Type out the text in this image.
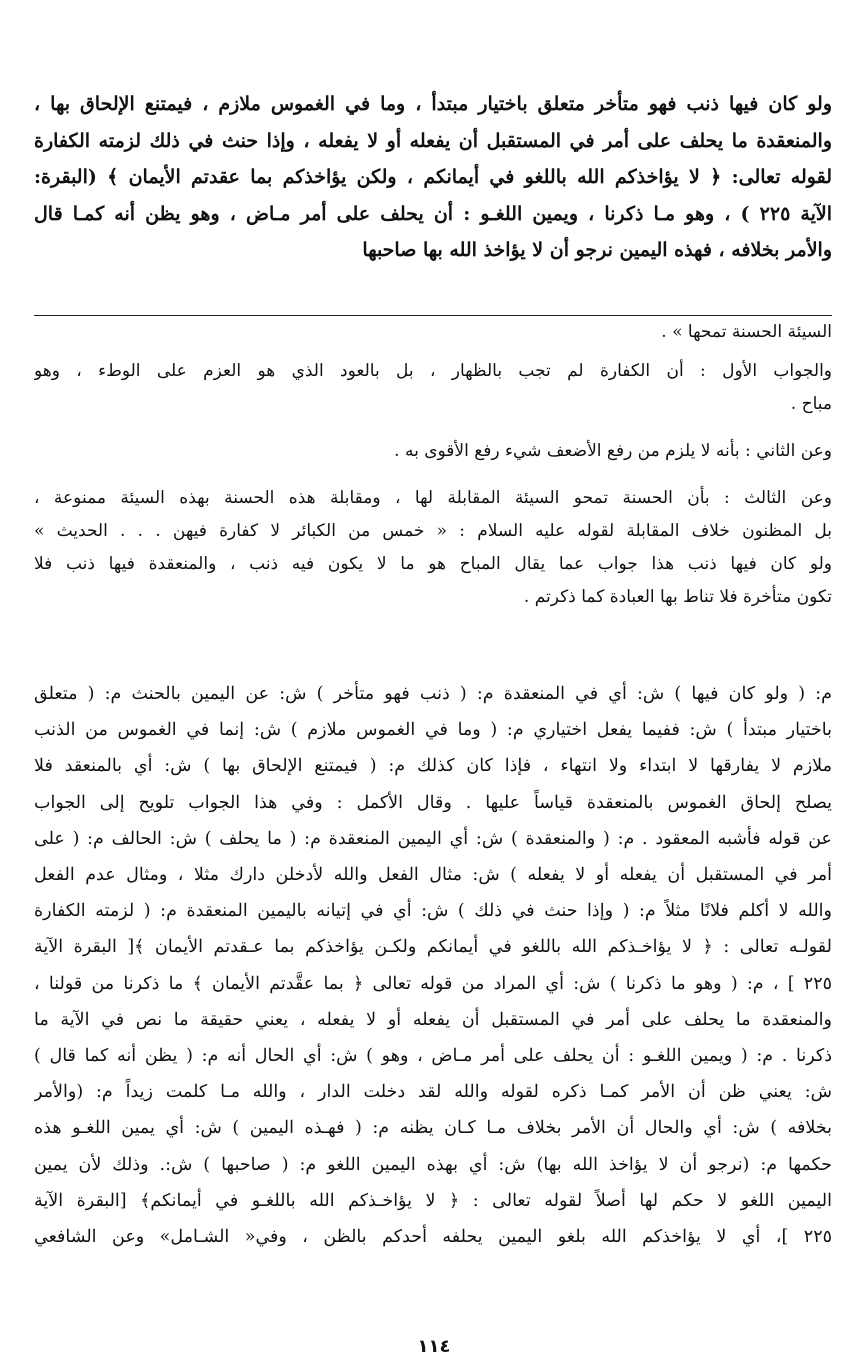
ولو كان فيها ذنب فهو متأخر متعلق باختيار مبتدأ ، وما في الغموس ملازم ، فيمتنع الإلحاق بها ،
والمنعقدة ما يحلف على أمر في المستقبل أن يفعله أو لا يفعله ، وإذا حنث في ذلك لزمته الكفارة
لقوله تعالى: ﴿ لا يؤاخذكم الله باللغو في أيمانكم ، ولكن يؤاخذكم بما عقدتم الأيمان ﴾ (البقرة:
الآية ٢٢٥ ) ، وهو مـا ذكرنا ، ويمين اللغـو : أن يحلف على أمر مـاض ، وهو يظن أنه كمـا قال
والأمر بخلافه ، فهذه اليمين نرجو أن لا يؤاخذ الله بها صاحبها
السيئة الحسنة تمحها » .
والجواب الأول : أن الكفارة لم تجب بالظهار ، بل بالعود الذي هو العزم على الوطء ، وهو
مباح .
وعن الثاني : بأنه لا يلزم من رفع الأضعف شيء رفع الأقوى به .
وعن الثالث : بأن الحسنة تمحو السيئة المقابلة لها ، ومقابلة هذه الحسنة بهذه السيئة ممنوعة ،
بل المظنون خلاف المقابلة لقوله عليه السلام : « خمس من الكبائر لا كفارة فيهن . . . الحديث »
ولو كان فيها ذنب هذا جواب عما يقال المباح هو ما لا يكون فيه ذنب ، والمنعقدة فيها ذنب فلا
تكون متأخرة فلا تناط بها العبادة كما ذكرتم .
م: ( ولو كان فيها ) ش: أي في المنعقدة م: ( ذنب فهو متأخر ) ش: عن اليمين بالحنث م: ( متعلق
باختيار مبتدأ ) ش: ففيما يفعل اختياري م: ( وما في الغموس ملازم ) ش: إنما في الغموس من الذنب
ملازم لا يفارقها لا ابتداء ولا انتهاء ، فإذا كان كذلك م: ( فيمتنع الإلحاق بها ) ش: أي بالمنعقد فلا
يصلح إلحاق الغموس بالمنعقدة قياساً عليها . وقال الأكمل : وفي هذا الجواب تلويح إلى الجواب
عن قوله فأشبه المعقود . م: ( والمنعقدة ) ش: أي اليمين المنعقدة م: ( ما يحلف ) ش: الحالف م: ( على
أمر في المستقبل أن يفعله أو لا يفعله ) ش: مثال الفعل والله لأدخلن دارك مثلا ، ومثال عدم الفعل
والله لا أكلم فلانًا مثلاً م: ( وإذا حنث في ذلك ) ش: أي في إتيانه باليمين المنعقدة م: ( لزمته الكفارة
لقولـه تعالى : ﴿ لا يؤاخـذكم الله باللغو في أيمانكم ولكـن يؤاخذكم بما عـقدتم الأيمان ﴾[ البقرة الآية
٢٢٥ ] ، م: ( وهو ما ذكرنا ) ش: أي المراد من قوله تعالى ﴿ بما عقَّدتم الأيمان ﴾ ما ذكرنا من قولنا ،
والمنعقدة ما يحلف على أمر في المستقبل أن يفعله أو لا يفعله ، يعني حقيقة ما نص في الآية ما
ذكرنا . م: ( ويمين اللغـو : أن يحلف على أمر مـاض ، وهو ) ش: أي الحال أنه م: ( يظن أنه كما قال )
ش: يعني ظن أن الأمر كمـا ذكره لقوله والله لقد دخلت الدار ، والله مـا كلمت زيداً م: (والأمر
بخلافه ) ش: أي والحال أن الأمر بخلاف مـا كـان يظنه م: ( فهـذه اليمين ) ش: أي يمين اللغـو هذه
حكمها م: (نرجو أن لا يؤاخذ الله بها) ش: أي بهذه اليمين اللغو م: ( صاحبها ) ش:. وذلك لأن يمين
اليمين اللغو لا حكم لها أصلاً لقوله تعالى : ﴿ لا يؤاخـذكم الله باللغـو في أيمانكم﴾ [البقرة الآية
٢٢٥ ]، أي لا يؤاخذكم الله بلغو اليمين يحلفه أحدكم بالظن ، وفي« الشـامل» وعن الشافعي
١١٤
